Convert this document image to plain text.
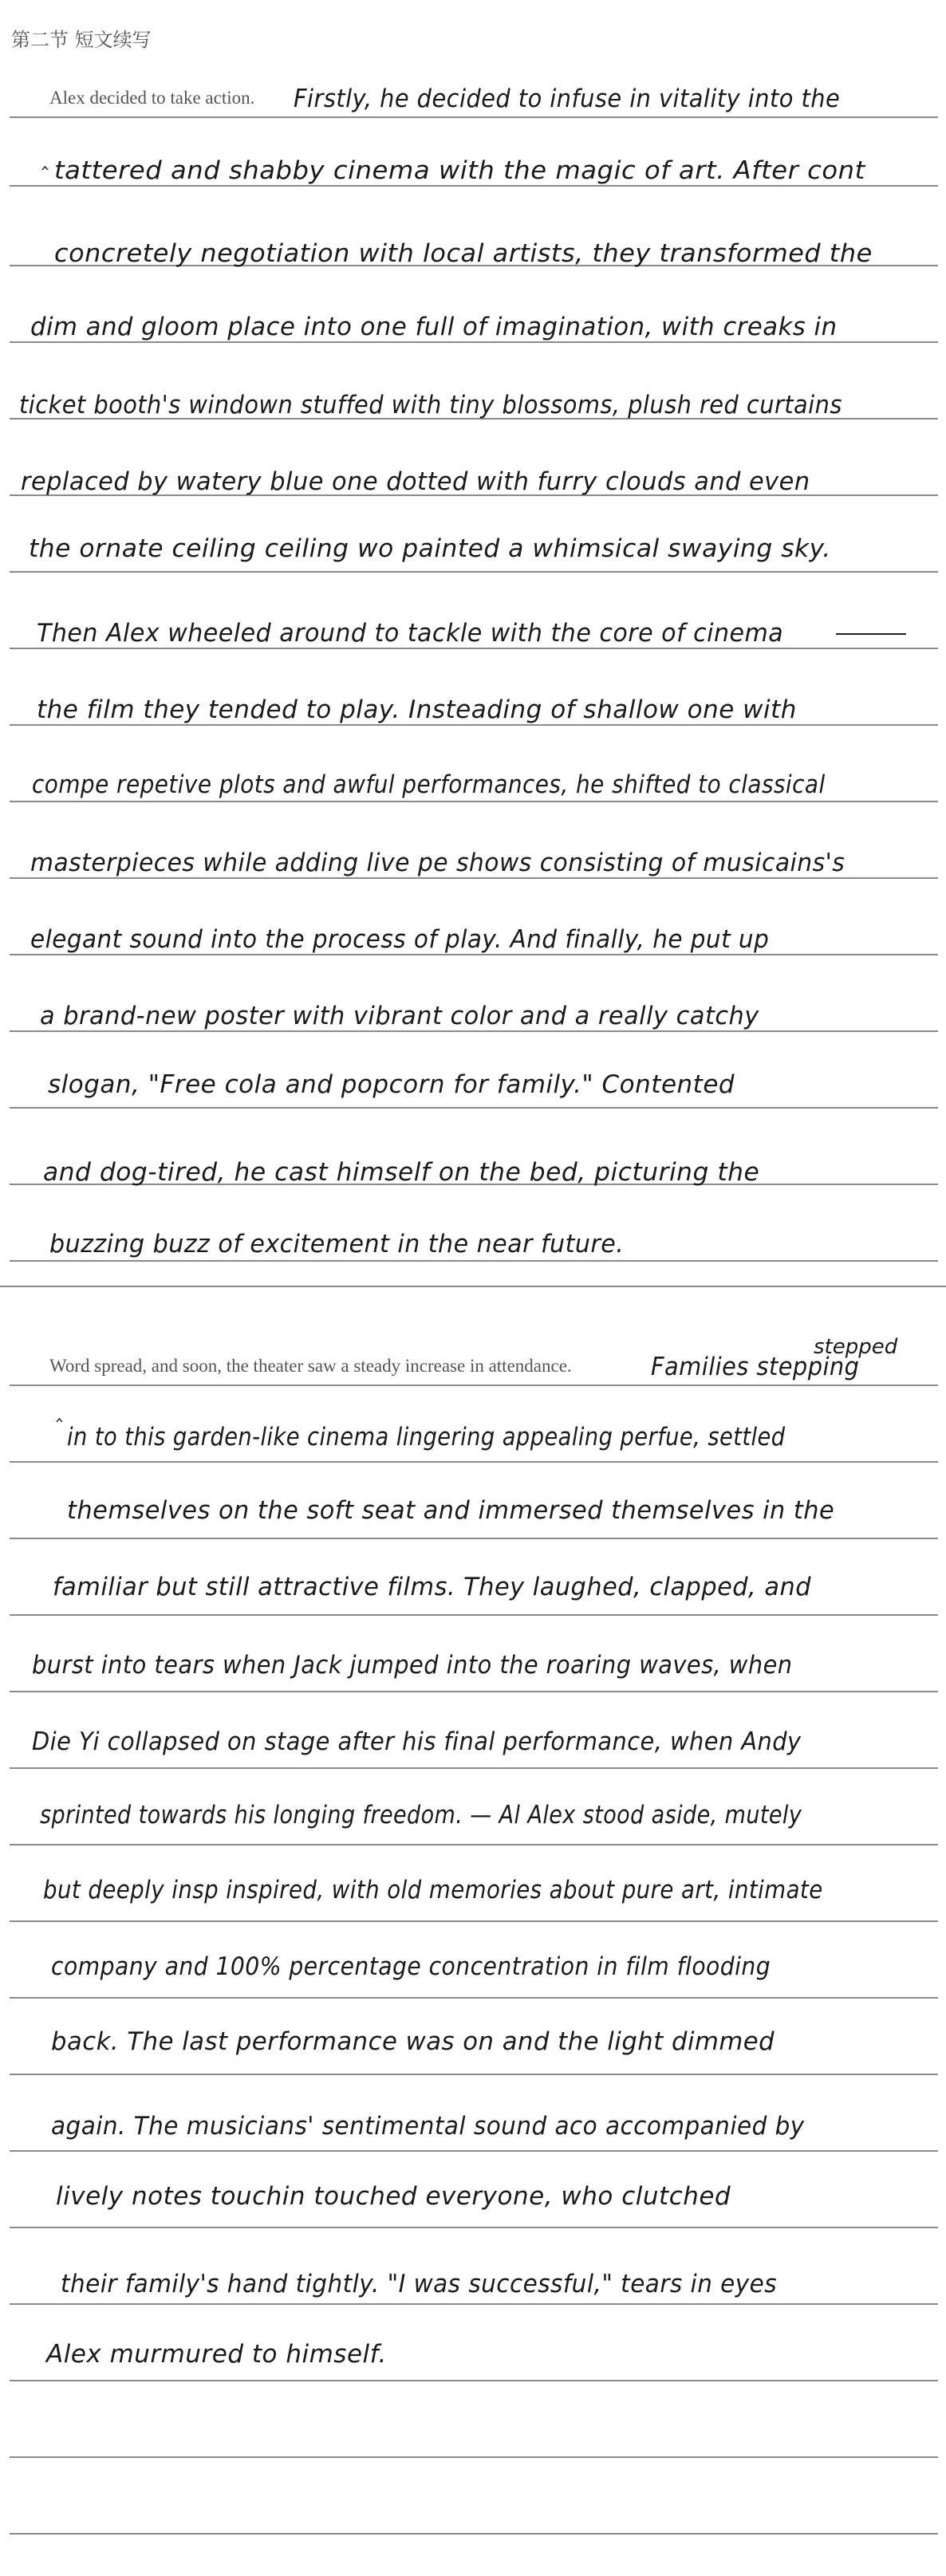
第二节 短文续写
Alex decided to take action. Firstly, he decided to infuse in vitality into the
‸ tattered and shabby cinema with the magic of art. After cont
concretely negotiation with local artists, they transformed the
dim and gloom place into one full of imagination, with creaks in
ticket booth's windown stuffed with tiny blossoms, plush red curtains
replaced by watery blue one dotted with furry clouds and even
the ornate ceiling ceiling wo painted a whimsical swaying sky.
Then Alex wheeled around to tackle with the core of cinema
the film they tended to play. Insteading of shallow one with
compe repetive plots and awful performances, he shifted to classical
masterpieces while adding live pe shows consisting of musicains's
elegant sound into the process of play. And finally, he put up
a brand-new poster with vibrant color and a really catchy
slogan, "Free cola and popcorn for family." Contented
and dog-tired, he cast himself on the bed, picturing the
buzzing buzz of excitement in the near future.
Word spread, and soon, the theater saw a steady increase in attendance.
stepped
Families stepping
‸
in to this garden-like cinema lingering appealing perfue, settled
themselves on the soft seat and immersed themselves in the
familiar but still attractive films. They laughed, clapped, and
burst into tears when Jack jumped into the roaring waves, when
Die Yi collapsed on stage after his final performance, when Andy
sprinted towards his longing freedom. — Al Alex stood aside, mutely
but deeply insp inspired, with old memories about pure art, intimate
company and 100% percentage concentration in film flooding
back. The last performance was on and the light dimmed
again. The musicians' sentimental sound aco accompanied by
lively notes touchin touched everyone, who clutched
their family's hand tightly. "I was successful," tears in eyes
Alex murmured to himself.
